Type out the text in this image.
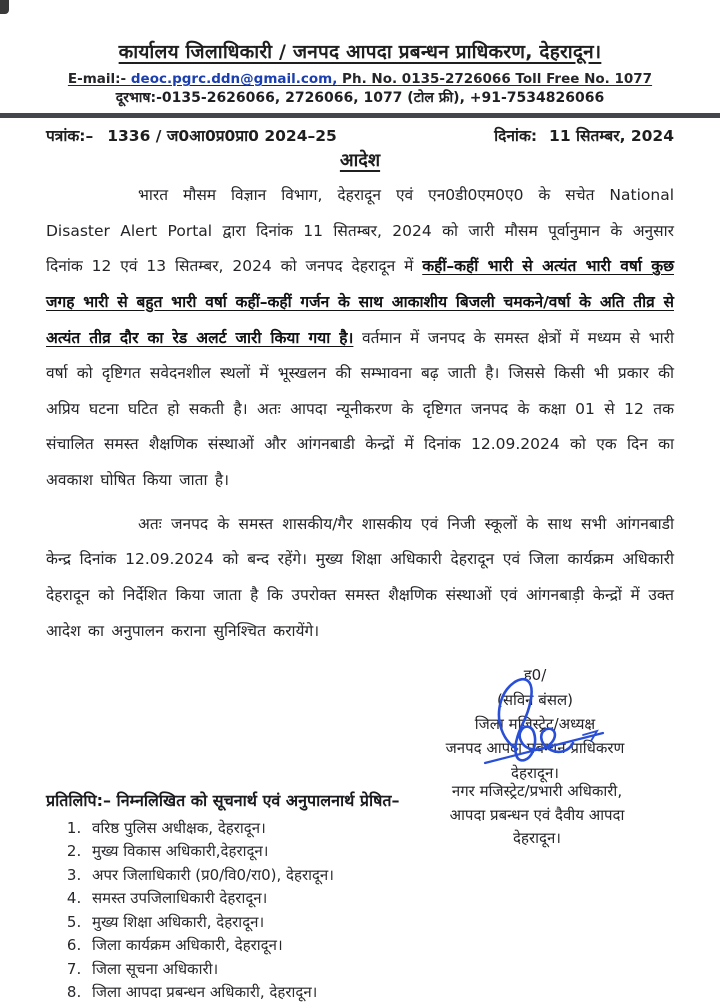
कार्यालय जिलाधिकारी / जनपद आपदा प्रबन्धन प्राधिकरण, देहरादून।
E-mail:- deoc.pgrc.ddn@gmail.com, Ph. No. 0135-2726066 Toll Free No. 1077
दूरभाष:-0135-2626066, 2726066, 1077 (टोल फ्री), +91-7534826066
पत्रांक:– 1336 / ज0आ0प्र0प्रा0 2024–25	दिनांक: 11 सितम्बर, 2024
आदेश

भारत मौसम विज्ञान विभाग, देहरादून एवं एन0डी0एम0ए0 के सचेत National Disaster Alert Portal द्वारा दिनांक 11 सितम्बर, 2024 को जारी मौसम पूर्वानुमान के अनुसार दिनांक 12 एवं 13 सितम्बर, 2024 को जनपद देहरादून में कहीं–कहीं भारी से अत्यंत भारी वर्षा कुछ जगह भारी से बहुत भारी वर्षा कहीं–कहीं गर्जन के साथ आकाशीय बिजली चमकने/वर्षा के अति तीव्र से अत्यंत तीव्र दौर का रेड अलर्ट जारी किया गया है। वर्तमान में जनपद के समस्त क्षेत्रों में मध्यम से भारी वर्षा को दृष्टिगत सवेदनशील स्थलों में भूस्खलन की सम्भावना बढ़ जाती है। जिससे किसी भी प्रकार की अप्रिय घटना घटित हो सकती है। अतः आपदा न्यूनीकरण के दृष्टिगत जनपद के कक्षा 01 से 12 तक संचालित समस्त शैक्षणिक संस्थाओं और आंगनबाडी केन्द्रों में दिनांक 12.09.2024 को एक दिन का अवकाश घोषित किया जाता है।

अतः जनपद के समस्त शासकीय/गैर शासकीय एवं निजी स्कूलों के साथ सभी आंगनबाडी केन्द्र दिनांक 12.09.2024 को बन्द रहेंगे। मुख्य शिक्षा अधिकारी देहरादून एवं जिला कार्यक्रम अधिकारी देहरादून को निर्देशित किया जाता है कि उपरोक्त समस्त शैक्षणिक संस्थाओं एवं आंगनबाड़ी केन्द्रों में उक्त आदेश का अनुपालन कराना सुनिश्चित करायेंगे।

ह0/
(सविन बंसल)
जिला मजिस्ट्रेट/अध्यक्ष
जनपद आपदा प्रबन्धन प्राधिकरण
देहरादून।
प्रतिलिपि:– निम्नलिखित को सूचनार्थ एवं अनुपालनार्थ प्रेषित–
1. वरिष्ठ पुलिस अधीक्षक, देहरादून।
2. मुख्य विकास अधिकारी,देहरादून।
3. अपर जिलाधिकारी (प्र0/वि0/रा0), देहरादून।
4. समस्त उपजिलाधिकारी देहरादून।
5. मुख्य शिक्षा अधिकारी, देहरादून।
6. जिला कार्यक्रम अधिकारी, देहरादून।
7. जिला सूचना अधिकारी।
8. जिला आपदा प्रबन्धन अधिकारी, देहरादून।
नगर मजिस्ट्रेट/प्रभारी अधिकारी,
आपदा प्रबन्धन एवं दैवीय आपदा
देहरादून।
